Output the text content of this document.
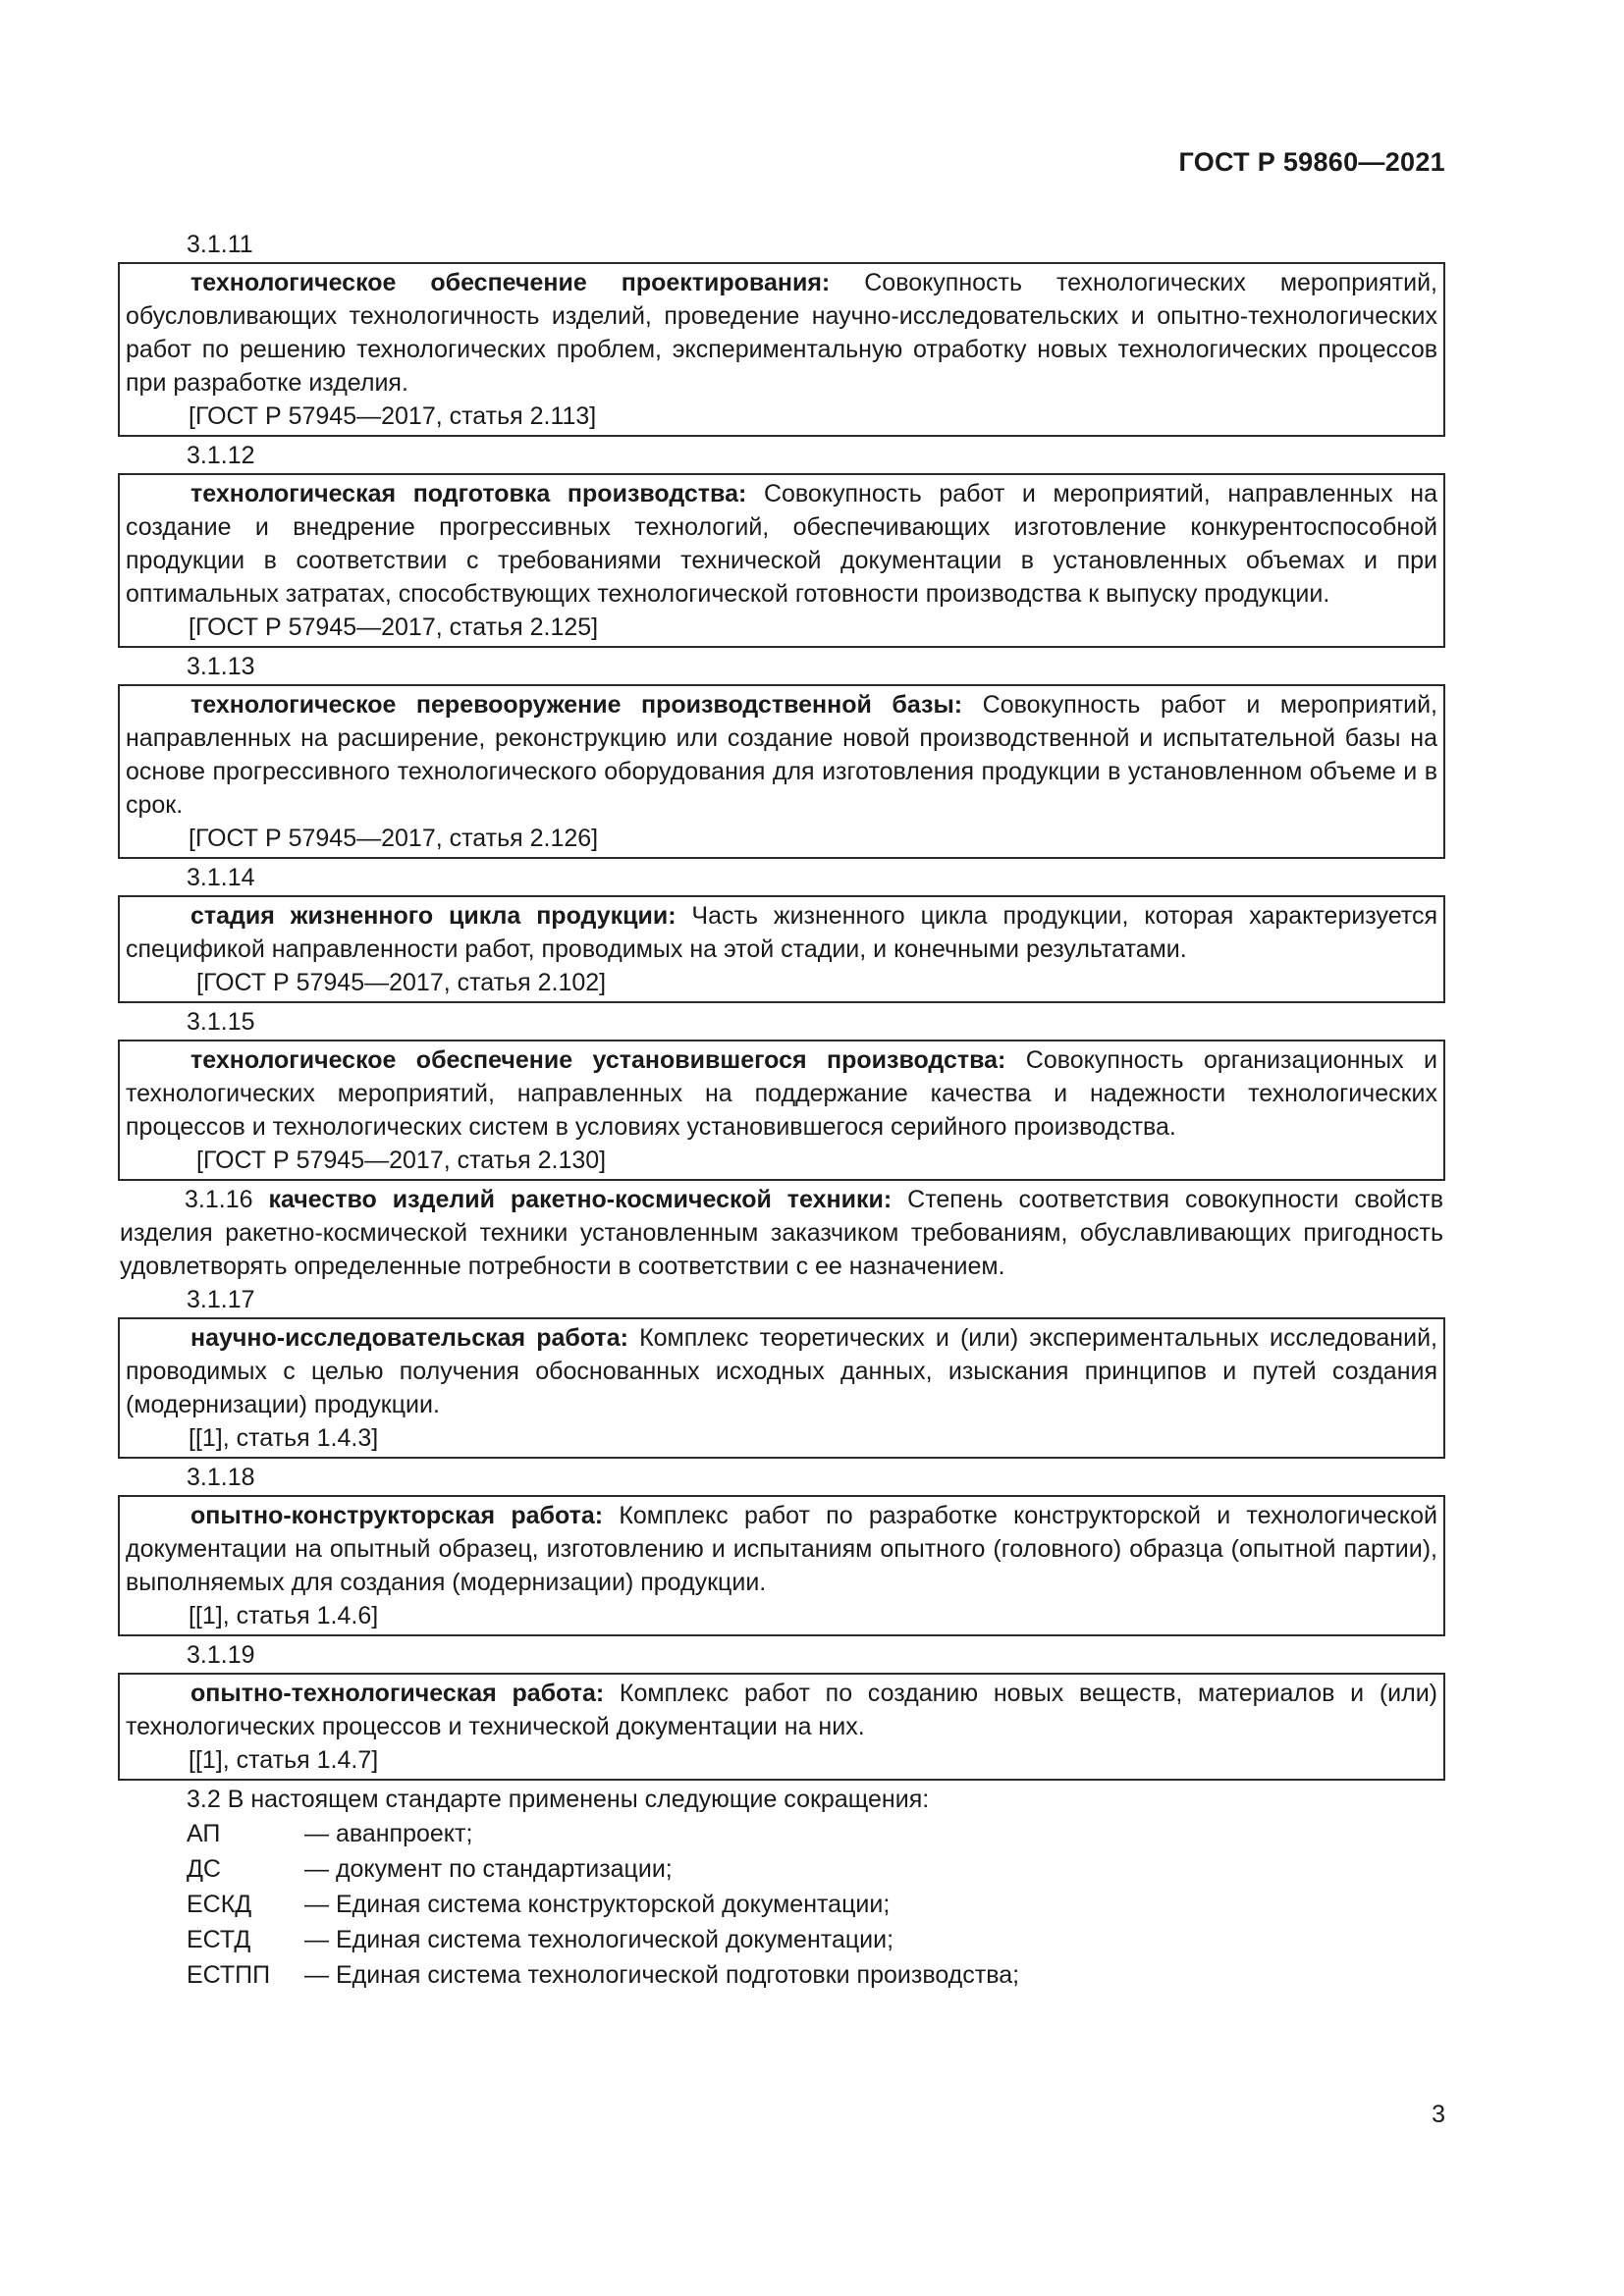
ГОСТ Р 59860—2021
3.1.11

технологическое обеспечение проектирования: Совокупность технологических мероприятий, обусловливающих технологичность изделий, проведение научно-исследовательских и опытно-технологических работ по решению технологических проблем, экспериментальную отработку новых технологических процессов при разработке изделия.

[ГОСТ Р 57945—2017, статья 2.113]
3.1.12

технологическая подготовка производства: Совокупность работ и мероприятий, направленных на создание и внедрение прогрессивных технологий, обеспечивающих изготовление конкурентоспособной продукции в соответствии с требованиями технической документации в установленных объемах и при оптимальных затратах, способствующих технологической готовности производства к выпуску продукции.

[ГОСТ Р 57945—2017, статья 2.125]
3.1.13

технологическое перевооружение производственной базы: Совокупность работ и мероприятий, направленных на расширение, реконструкцию или создание новой производственной и испытательной базы на основе прогрессивного технологического оборудования для изготовления продукции в установленном объеме и в срок.

[ГОСТ Р 57945—2017, статья 2.126]
3.1.14

стадия жизненного цикла продукции: Часть жизненного цикла продукции, которая характеризуется спецификой направленности работ, проводимых на этой стадии, и конечными результатами.

[ГОСТ Р 57945—2017, статья 2.102]
3.1.15

технологическое обеспечение установившегося производства: Совокупность организационных и технологических мероприятий, направленных на поддержание качества и надежности технологических процессов и технологических систем в условиях установившегося серийного производства.

[ГОСТ Р 57945—2017, статья 2.130]

3.1.16 качество изделий ракетно-космической техники: Степень соответствия совокупности свойств изделия ракетно-космической техники установленным заказчиком требованиям, обуславливающих пригодность удовлетворять определенные потребности в соответствии с ее назначением.

3.1.17

научно-исследовательская работа: Комплекс теоретических и (или) экспериментальных исследований, проводимых с целью получения обоснованных исходных данных, изыскания принципов и путей создания (модернизации) продукции.

[[1], статья 1.4.3]
3.1.18

опытно-конструкторская работа: Комплекс работ по разработке конструкторской и технологической документации на опытный образец, изготовлению и испытаниям опытного (головного) образца (опытной партии), выполняемых для создания (модернизации) продукции.

[[1], статья 1.4.6]
3.1.19

опытно-технологическая работа: Комплекс работ по созданию новых веществ, материалов и (или) технологических процессов и технической документации на них.

[[1], статья 1.4.7]
3.2 В настоящем стандарте применены следующие сокращения:
АП	— аванпроект;
ДС	— документ по стандартизации;
ЕСКД	— Единая система конструкторской документации;
ЕСТД	— Единая система технологической документации;
ЕСТПП	— Единая система технологической подготовки производства;
3
